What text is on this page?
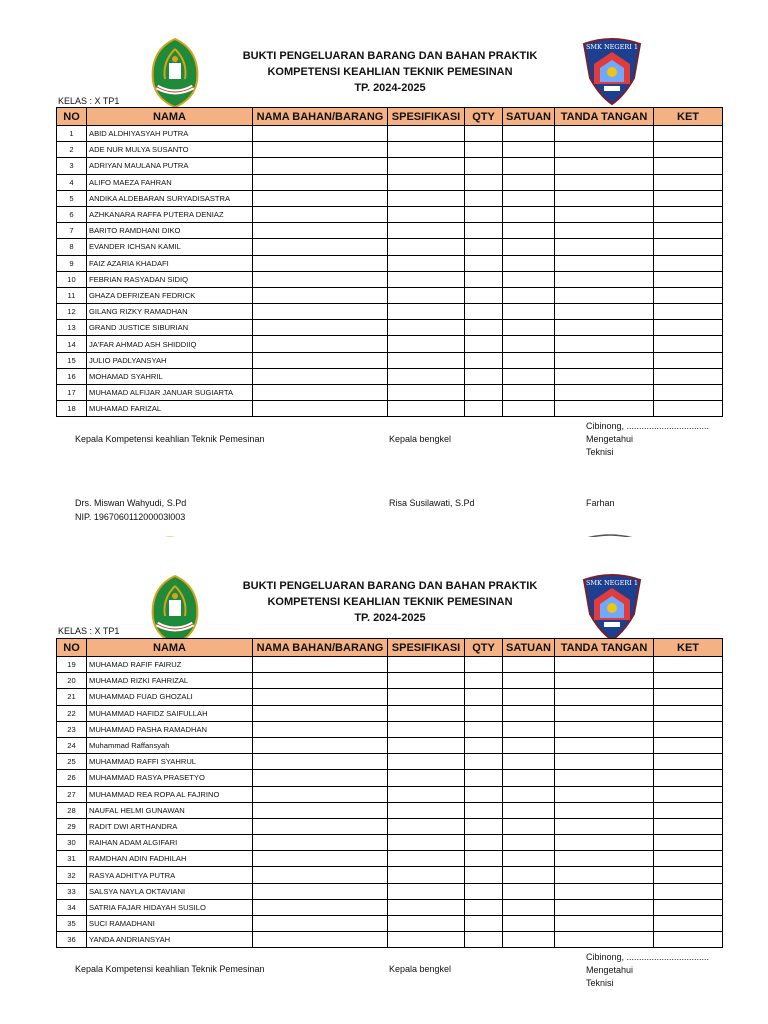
BUKTI PENGELUARAN BARANG DAN BAHAN PRAKTIK
KOMPETENSI KEAHLIAN TEKNIK PEMESINAN
TP. 2024-2025
SMK NEGERI 1
KELAS : X TP1
NO	NAMA	NAMA BAHAN/BARANG	SPESIFIKASI	QTY	SATUAN	TANDA TANGAN	KET
1	ABID ALDHIYASYAH PUTRA						
2	ADE NUR MULYA SUSANTO						
3	ADRIYAN MAULANA PUTRA						
4	ALIFO MAEZA FAHRAN						
5	ANDIKA ALDEBARAN SURYADISASTRA						
6	AZHKANARA RAFFA PUTERA DENIAZ						
7	BARITO RAMDHANI DIKO						
8	EVANDER ICHSAN KAMIL						
9	FAIZ AZARIA KHADAFI						
10	FEBRIAN RASYADAN SIDIQ						
11	GHAZA DEFRIZEAN FEDRICK						
12	GILANG RIZKY RAMADHAN						
13	GRAND JUSTICE SIBURIAN						
14	JA'FAR AHMAD ASH SHIDDIIQ						
15	JULIO PADLYANSYAH						
16	MOHAMAD SYAHRIL						
17	MUHAMAD ALFIJAR JANUAR SUGIARTA						
18	MUHAMAD FARIZAL						
Kepala Kompetensi keahlian Teknik Pemesinan	Kepala bengkel
Cibinong, .................................
Mengetahui
Teknisi
Drs. Miswan Wahyudi, S.Pd
NIP. 196706011200003l003
Risa Susilawati, S.Pd	Farhan
BUKTI PENGELUARAN BARANG DAN BAHAN PRAKTIK
KOMPETENSI KEAHLIAN TEKNIK PEMESINAN
TP. 2024-2025
SMK NEGERI 1
KELAS : X TP1
NO	NAMA	NAMA BAHAN/BARANG	SPESIFIKASI	QTY	SATUAN	TANDA TANGAN	KET
19	MUHAMAD RAFIF FAIRUZ						
20	MUHAMAD RIZKI FAHRIZAL						
21	MUHAMMAD FUAD GHOZALI						
22	MUHAMMAD HAFIDZ SAIFULLAH						
23	MUHAMMAD PASHA RAMADHAN						
24	Muhammad Raffansyah						
25	MUHAMMAD RAFFI SYAHRUL						
26	MUHAMMAD RASYA PRASETYO						
27	MUHAMMAD REA ROPA AL FAJRINO						
28	NAUFAL HELMI GUNAWAN						
29	RADIT DWI ARTHANDRA						
30	RAIHAN ADAM ALGIFARI						
31	RAMDHAN ADIN FADHILAH						
32	RASYA ADHITYA PUTRA						
33	SALSYA NAYLA OKTAVIANI						
34	SATRIA FAJAR HIDAYAH SUSILO						
35	SUCI RAMADHANI						
36	YANDA ANDRIANSYAH						
Kepala Kompetensi keahlian Teknik Pemesinan	Kepala bengkel
Cibinong, .................................
Mengetahui
Teknisi
